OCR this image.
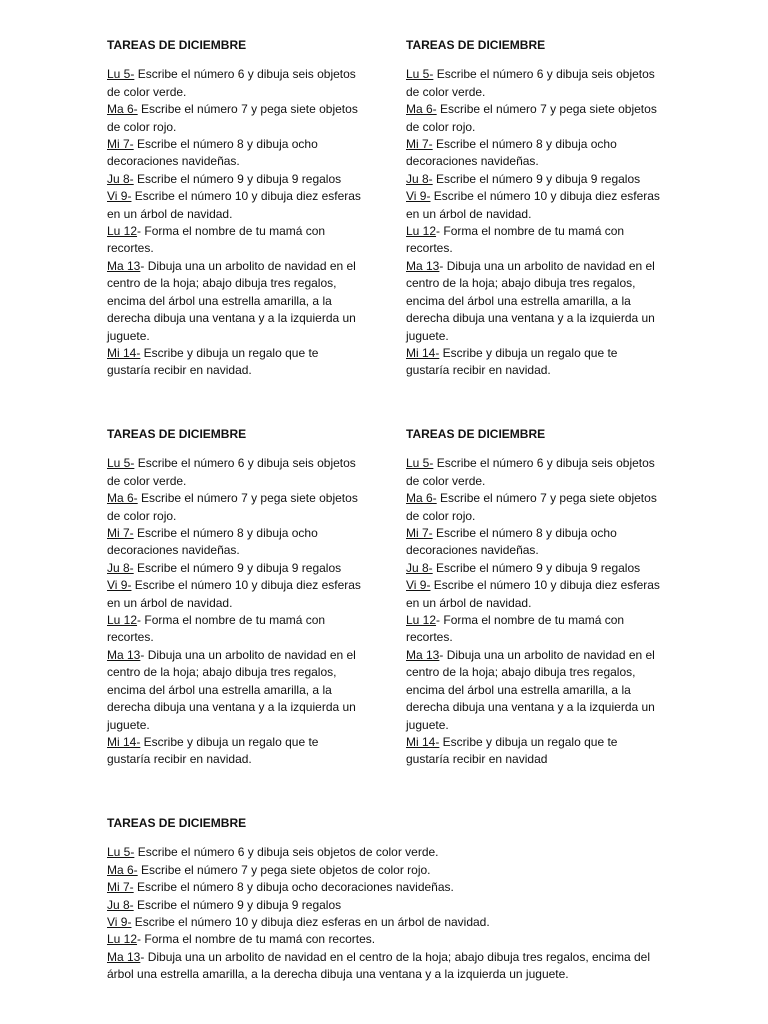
TAREAS DE DICIEMBRE
Lu 5- Escribe el número 6 y dibuja seis objetos de color verde.
Ma 6- Escribe el número 7 y pega siete objetos de color rojo.
Mi 7- Escribe el número 8 y dibuja ocho decoraciones navideñas.
Ju 8- Escribe el número 9 y dibuja 9 regalos
Vi 9- Escribe el número 10 y dibuja diez esferas en un árbol de navidad.
Lu 12- Forma el nombre de tu mamá con recortes.
Ma 13- Dibuja una un arbolito de navidad en el centro de la hoja; abajo dibuja tres regalos, encima del árbol una estrella amarilla, a la derecha dibuja una ventana y a la izquierda un juguete.
Mi 14- Escribe y dibuja un regalo que te gustaría recibir en navidad.
TAREAS DE DICIEMBRE
Lu 5- Escribe el número 6 y dibuja seis objetos de color verde.
Ma 6- Escribe el número 7 y pega siete objetos de color rojo.
Mi 7- Escribe el número 8 y dibuja ocho decoraciones navideñas.
Ju 8- Escribe el número 9 y dibuja 9 regalos
Vi 9- Escribe el número 10 y dibuja diez esferas en un árbol de navidad.
Lu 12- Forma el nombre de tu mamá con recortes.
Ma 13- Dibuja una un arbolito de navidad en el centro de la hoja; abajo dibuja tres regalos, encima del árbol una estrella amarilla, a la derecha dibuja una ventana y a la izquierda un juguete.
Mi 14- Escribe y dibuja un regalo que te gustaría recibir en navidad.
TAREAS DE DICIEMBRE
Lu 5- Escribe el número 6 y dibuja seis objetos de color verde.
Ma 6- Escribe el número 7 y pega siete objetos de color rojo.
Mi 7- Escribe el número 8 y dibuja ocho decoraciones navideñas.
Ju 8- Escribe el número 9 y dibuja 9 regalos
Vi 9- Escribe el número 10 y dibuja diez esferas en un árbol de navidad.
Lu 12- Forma el nombre de tu mamá con recortes.
Ma 13- Dibuja una un arbolito de navidad en el centro de la hoja; abajo dibuja tres regalos, encima del árbol una estrella amarilla, a la derecha dibuja una ventana y a la izquierda un juguete.
Mi 14- Escribe y dibuja un regalo que te gustaría recibir en navidad.
TAREAS DE DICIEMBRE
Lu 5- Escribe el número 6 y dibuja seis objetos de color verde.
Ma 6- Escribe el número 7 y pega siete objetos de color rojo.
Mi 7- Escribe el número 8 y dibuja ocho decoraciones navideñas.
Ju 8- Escribe el número 9 y dibuja 9 regalos
Vi 9- Escribe el número 10 y dibuja diez esferas en un árbol de navidad.
Lu 12- Forma el nombre de tu mamá con recortes.
Ma 13- Dibuja una un arbolito de navidad en el centro de la hoja; abajo dibuja tres regalos, encima del árbol una estrella amarilla, a la derecha dibuja una ventana y a la izquierda un juguete.
Mi 14- Escribe y dibuja un regalo que te gustaría recibir en navidad
TAREAS DE DICIEMBRE
Lu 5- Escribe el número 6 y dibuja seis objetos de color verde.
Ma 6- Escribe el número 7 y pega siete objetos de color rojo.
Mi 7- Escribe el número 8 y dibuja ocho decoraciones navideñas.
Ju 8- Escribe el número 9 y dibuja 9 regalos
Vi 9- Escribe el número 10 y dibuja diez esferas en un árbol de navidad.
Lu 12- Forma el nombre de tu mamá con recortes.
Ma 13- Dibuja una un arbolito de navidad en el centro de la hoja; abajo dibuja tres regalos, encima del árbol una estrella amarilla, a la derecha dibuja una ventana y a la izquierda un juguete.
